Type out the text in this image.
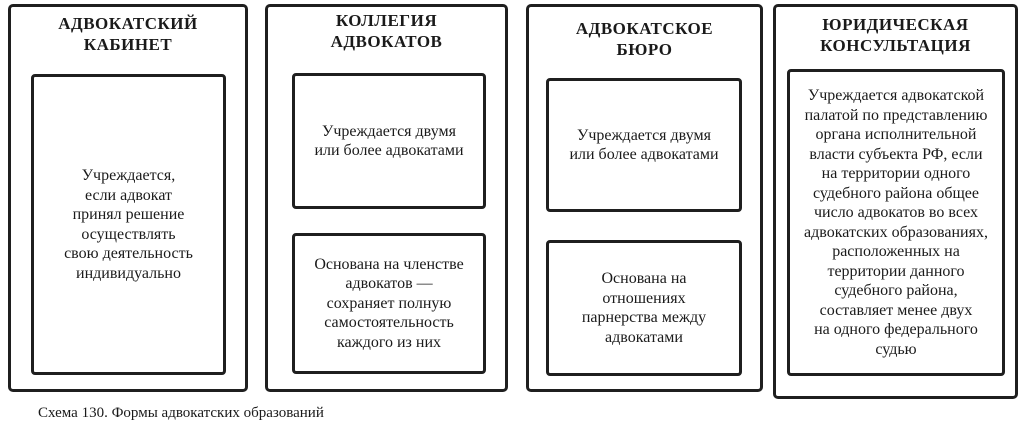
АДВОКАТСКИЙ
КАБИНЕТ
Учреждается,
если адвокат
принял решение
осуществлять
свою деятельность
индивидуально
КОЛЛЕГИЯ
АДВОКАТОВ
Учреждается двумя
или более адвокатами
Основана на членстве
адвокатов —
сохраняет полную
самостоятельность
каждого из них
АДВОКАТСКОЕ
БЮРО
Учреждается двумя
или более адвокатами
Основана на
отношениях
парнерства между
адвокатами
ЮРИДИЧЕСКАЯ
КОНСУЛЬТАЦИЯ
Учреждается адвокатской
палатой по представлению
органа исполнительной
власти субъекта РФ, если
на территории одного
судебного района общее
число адвокатов во всех
адвокатских образованиях,
расположенных на
территории данного
судебного района,
составляет менее двух
на одного федерального
судью
Схема 130. Формы адвокатских образований
